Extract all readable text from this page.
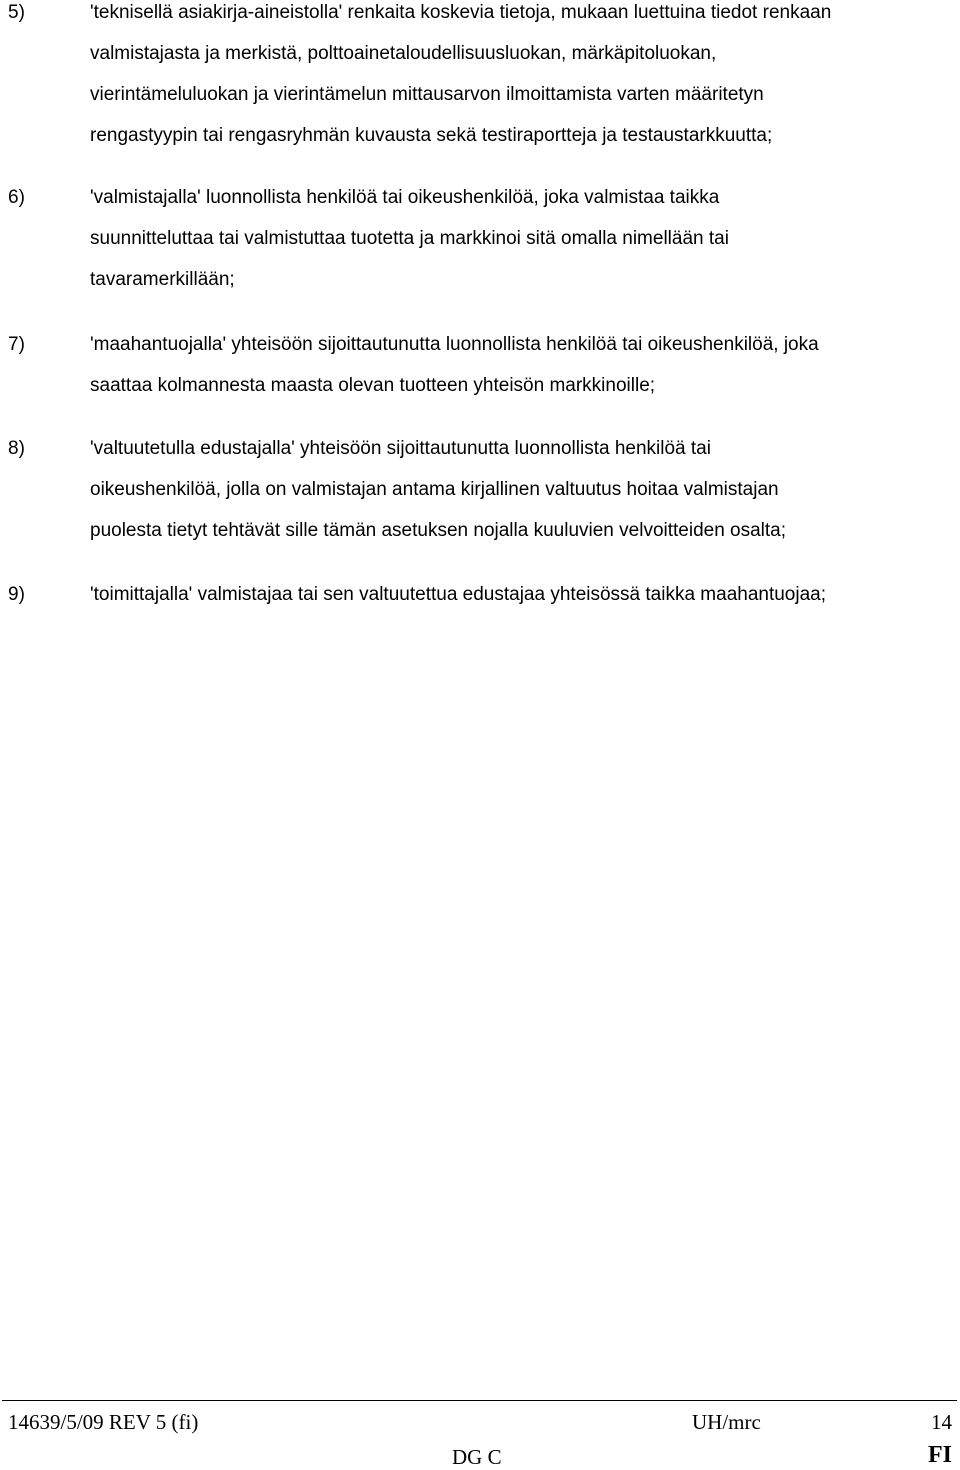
5)	'teknisellä asiakirja-aineistolla' renkaita koskevia tietoja, mukaan luettuina tiedot renkaan
valmistajasta ja merkistä, polttoainetaloudellisuusluokan, märkäpitoluokan,
vierintämeluluokan ja vierintämelun mittausarvon ilmoittamista varten määritetyn
rengastyypin tai rengasryhmän kuvausta sekä testiraportteja ja testaustarkkuutta;
6)	'valmistajalla' luonnollista henkilöä tai oikeushenkilöä, joka valmistaa taikka
suunnitteluttaa tai valmistuttaa tuotetta ja markkinoi sitä omalla nimellään tai
tavaramerkillään;
7)	'maahantuojalla' yhteisöön sijoittautunutta luonnollista henkilöä tai oikeushenkilöä, joka
saattaa kolmannesta maasta olevan tuotteen yhteisön markkinoille;
8)	'valtuutetulla edustajalla' yhteisöön sijoittautunutta luonnollista henkilöä tai
oikeushenkilöä, jolla on valmistajan antama kirjallinen valtuutus hoitaa valmistajan
puolesta tietyt tehtävät sille tämän asetuksen nojalla kuuluvien velvoitteiden osalta;
9)	'toimittajalla' valmistajaa tai sen valtuutettua edustajaa yhteisössä taikka maahantuojaa;
14639/5/09 REV 5 (fi)	UH/mrc	14
DG C	FI
